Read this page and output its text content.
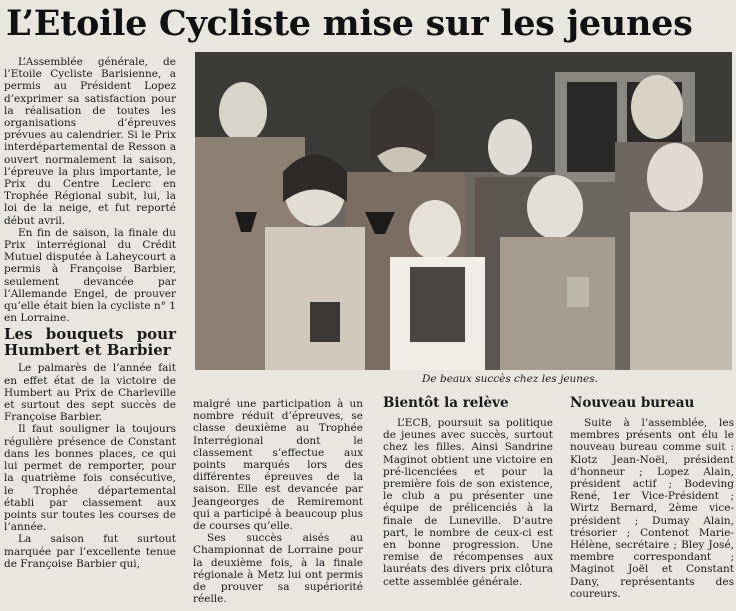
L’Etoile Cycliste mise sur les jeunes

L’Assemblée générale, de l’Etoile Cycliste Barisienne, a permis au Président Lopez d’exprimer sa satisfaction pour la réalisation de toutes les organisations d’épreuves prévues au calendrier. Si le Prix interdépartemental de Resson a ouvert normalement la saison, l’épreuve la plus importante, le Prix du Centre Leclerc en Trophée Régional subit, lui, la loi de la neige, et fut reporté début avril.

En fin de saison, la finale du Prix interrégional du Crédit Mutuel disputée à Laheycourt a permis à Françoise Barbier, seulement devancée par l’Allemande Engel, de prouver qu’elle était bien la cycliste n° 1 en Lorraine.

Les bouquets pour Humbert et Barbier

Le palmarès de l’année fait en effet état de la victoire de Humbert au Prix de Charleville et surtout des sept succès de Françoise Barbier.

Il faut souligner la toujours régulière présence de Constant dans les bonnes places, ce qui lui permet de remporter, pour la quatrième fois consécutive, le Trophée départemental établi par classement aux points sur toutes les courses de l’année.

La saison fut surtout marquée par l’excellente tenue de Françoise Barbier qui,

De beaux succès chez les jeunes.

malgré une participation à un nombre réduit d’épreuves, se classe deuxième au Trophée Interrégional dont le classement s’effectue aux points marqués lors des différentes épreuves de la saison. Elle est devancée par Jeangeorges de Remiremont qui a participé à beaucoup plus de courses qu’elle.

Ses succès aisés au Championnat de Lorraine pour la deuxième fois, à la finale régionale à Metz lui ont permis de prouver sa supériorité réelle.

Bientôt la relève

L’ECB, poursuit sa politique de jeunes avec succès, surtout chez les filles. Ainsi Sandrine Maginot obtient une victoire en pré-licenciées et pour la première fois de son existence, le club a pu présenter une équipe de prélicenciés à la finale de Luneville. D’autre part, le nombre de ceux-ci est en bonne progression. Une remise de récompenses aux lauréats des divers prix clôtura cette assemblée générale.

Nouveau bureau

Suite à l’assemblée, les membres présents ont élu le nouveau bureau comme suit : Klotz Jean-Noël, président d’honneur ; Lopez Alain, président actif ; Bodeving René, 1er Vice-Président ; Wirtz Bernard, 2ème vice-président ; Dumay Alain, trésorier ; Contenot Marie-Hélène, secrétaire ; Bley José, membre correspondant ; Maginot Joël et Constant Dany, représentants des coureurs.
